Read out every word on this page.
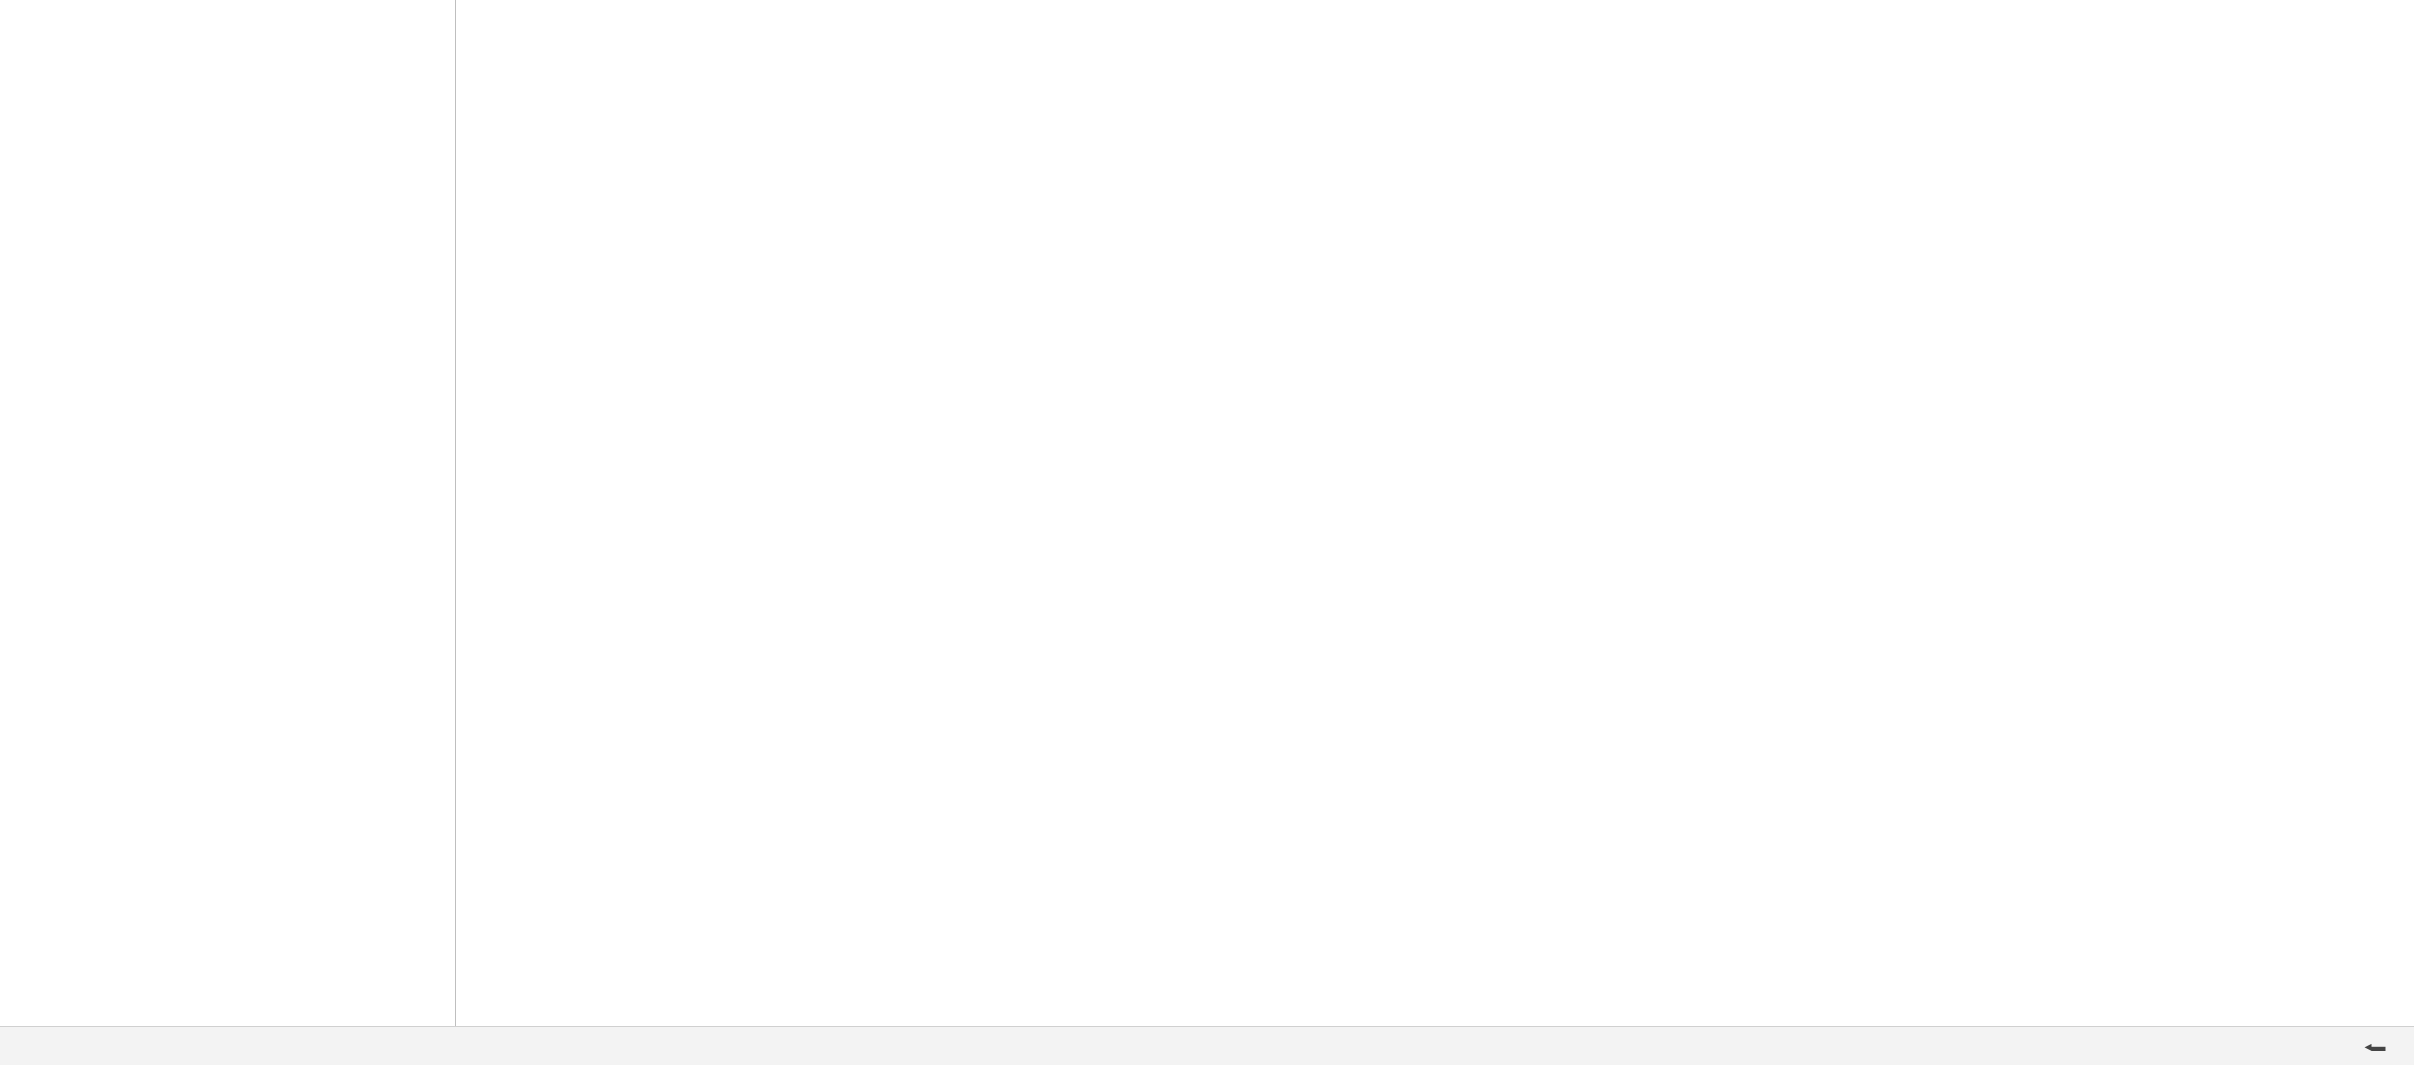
◂▬
